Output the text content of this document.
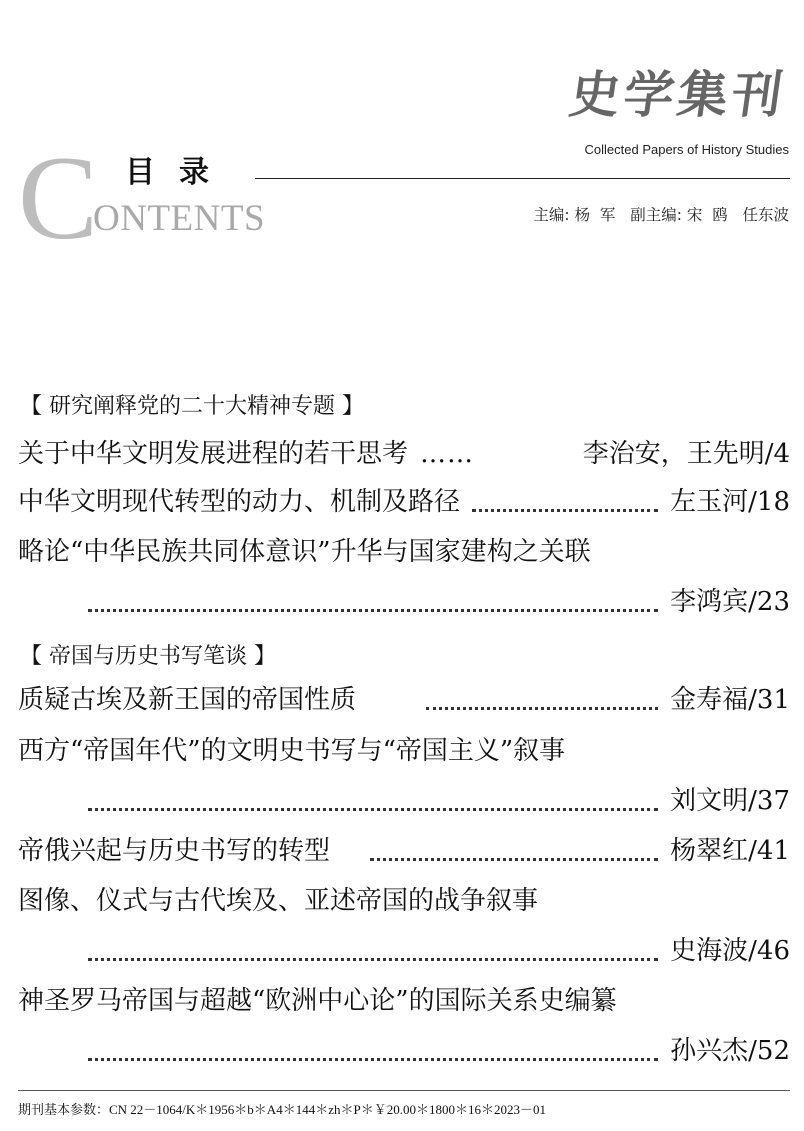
C
ONTENTS
目录
史学集刊
Collected Papers of History Studies
主编: 杨  军   副主编: 宋  鸥   任东波
【 研究阐释党的二十大精神专题 】
关于中华文明发展进程的若干思考 ……	李治安，王先明/4
中华文明现代转型的动力、机制及路径	左玉河/18
略论“中华民族共同体意识”升华与国家建构之关联
李鸿宾/23
【 帝国与历史书写笔谈 】
质疑古埃及新王国的帝国性质	金寿福/31
西方“帝国年代”的文明史书写与“帝国主义”叙事
刘文明/37
帝俄兴起与历史书写的转型	杨翠红/41
图像、仪式与古代埃及、亚述帝国的战争叙事
史海波/46
神圣罗马帝国与超越“欧洲中心论”的国际关系史编纂
孙兴杰/52
期刊基本参数：CN 22－1064/K＊1956＊b＊A4＊144＊zh＊P＊￥20.00＊1800＊16＊2023－01
